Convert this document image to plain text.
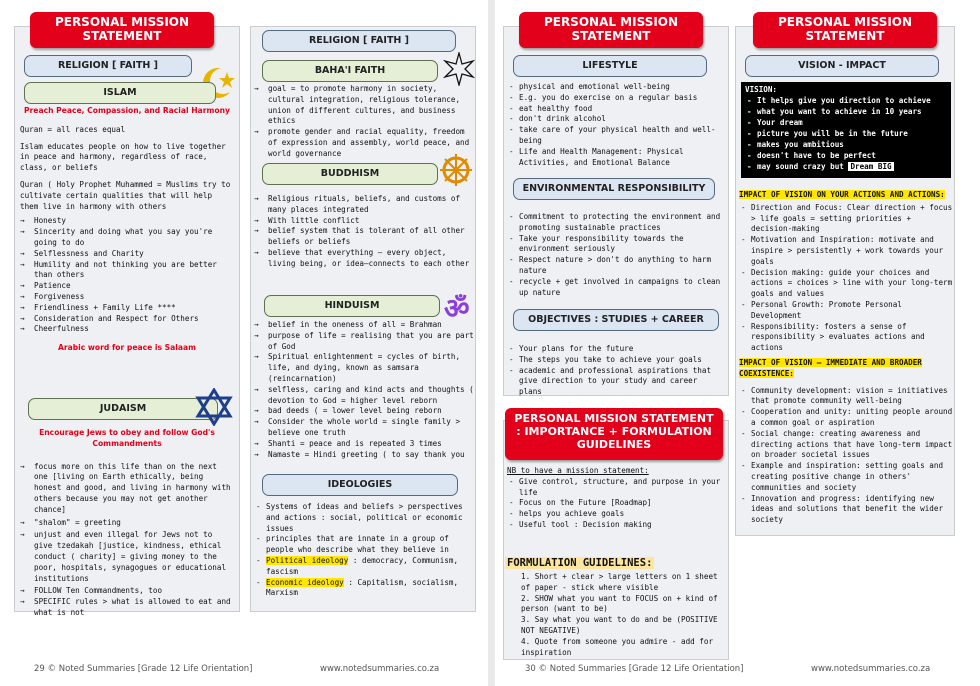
PERSONAL MISSION STATEMENT
RELIGION [ FAITH ]
ISLAM
Preach Peace, Compassion, and Racial Harmony

Quran = all races equal

Islam educates people on how to live together in peace and harmony, regardless of race, class, or beliefs

Quran ( Holy Prophet Muhammed = Muslims try to cultivate certain qualities that will help them live in harmony with others

→ Honesty
→ Sincerity and doing what you say you're going to do
→ Selflessness and Charity
→ Humility and not thinking you are better than others
→ Patience
→ Forgiveness
→ Friendliness + Family Life ****
→ Consideration and Respect for Others
→ Cheerfulness
Arabic word for peace is Salaam
JUDAISM
Encourage Jews to obey and follow God's Commandments
→ focus more on this life than on the next one [living on Earth ethically, being honest and good, and living in harmony with others because you may not get another chance]
→ "shalom" = greeting
→ unjust and even illegal for Jews not to give tzedakah [justice, kindness, ethical conduct ( charity] = giving money to the poor, hospitals, synagogues or educational institutions
→ FOLLOW Ten Commandments, too
→ SPECIFIC rules > what is allowed to eat and what is not
RELIGION [ FAITH ]
BAHA'I FAITH
→ goal = to promote harmony in society, cultural integration, religious tolerance, union of different cultures, and business ethics
→ promote gender and racial equality, freedom of expression and assembly, world peace, and world governance
BUDDHISM
→ Religious rituals, beliefs, and customs of many places integrated
→ With little conflict
→ belief system that is tolerant of all other beliefs or beliefs
→ believe that everything — every object, living being, or idea—connects to each other
HINDUISM	ॐ
→ belief in the oneness of all = Brahman
→ purpose of life = realising that you are part of God
→ Spiritual enlightenment = cycles of birth, life, and dying, known as samsara (reincarnation)
→ selfless, caring and kind acts and thoughts ( devotion to God = higher level reborn
→ bad deeds ( = lower level being reborn
→ Consider the whole world = single family > believe one truth
→ Shanti = peace and is repeated 3 times
→ Namaste = Hindi greeting ( to say thank you
IDEOLOGIES
- Systems of ideas and beliefs > perspectives and actions : social, political or economic issues
- principles that are innate in a group of people who describe what they believe in
- Political ideology : democracy, Communism, fascism
- Economic ideology : Capitalism, socialism, Marxism
29 © Noted Summaries [Grade 12 Life Orientation]	www.notedsummaries.co.za
PERSONAL MISSION STATEMENT
LIFESTYLE
- physical and emotional well-being
- E.g. you do exercise on a regular basis
- eat healthy food
- don't drink alcohol
- take care of your physical health and well-being
- Life and Health Management: Physical Activities, and Emotional Balance
ENVIRONMENTAL RESPONSIBILITY
- Commitment to protecting the environment and promoting sustainable practices
- Take your responsibility towards the environment seriously
- Respect nature > don't do anything to harm nature
- recycle + get involved in campaigns to clean up nature
OBJECTIVES : STUDIES + CAREER
- Your plans for the future
- The steps you take to achieve your goals
- academic and professional aspirations that give direction to your study and career plans
PERSONAL MISSION STATEMENT : IMPORTANCE + FORMULATION GUIDELINES
NB to have a mission statement:
- Give control, structure, and purpose in your life
- Focus on the Future [Roadmap]
- helps you achieve goals
- Useful tool : Decision making
FORMULATION GUIDELINES:
1. Short + clear > large letters on 1 sheet of paper - stick where visible
2. SHOW what you want to FOCUS on + kind of person (want to be)
3. Say what you want to do and be (POSITIVE NOT NEGATIVE)
4. Quote from someone you admire - add for inspiration
PERSONAL MISSION STATEMENT
VISION - IMPACT
VISION:
- It helps give you direction to achieve
- what you want to achieve in 10 years
- Your dream
- picture you will be in the future
- makes you ambitious
- doesn't have to be perfect
- may sound crazy but Dream BIG
IMPACT OF VISION ON YOUR ACTIONS AND ACTIONS:
- Direction and Focus: Clear direction + focus > life goals = setting priorities + decision-making
- Motivation and Inspiration: motivate and inspire > persistently + work towards your goals
- Decision making: guide your choices and actions = choices > line with your long-term goals and values
- Personal Growth: Promote Personal Development
- Responsibility: fosters a sense of responsibility > evaluates actions and actions
IMPACT OF VISION — IMMEDIATE AND BROADER COEXISTENCE:
- Community development: vision = initiatives that promote community well-being
- Cooperation and unity: uniting people around a common goal or aspiration
- Social change: creating awareness and directing actions that have long-term impact on broader societal issues
- Example and inspiration: setting goals and creating positive change in others' communities and society
- Innovation and progress: identifying new ideas and solutions that benefit the wider society
30 © Noted Summaries [Grade 12 Life Orientation]	www.notedsummaries.co.za
